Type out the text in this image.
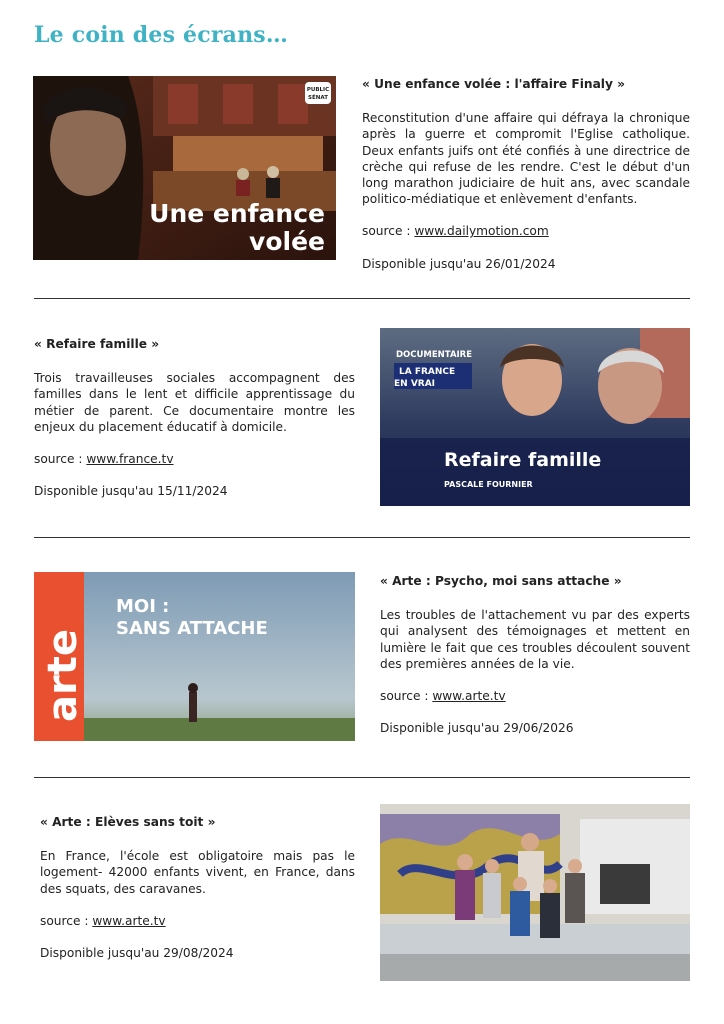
Le coin des écrans…
PUBLIC
SÉNAT
Une enfance
volée
« Une enfance volée : l'affaire Finaly »

Reconstitution d'une affaire qui défraya la chronique après la guerre et compromit l'Eglise catholique. Deux enfants juifs ont été confiés à une directrice de crèche qui refuse de les rendre. C'est le début d'un long marathon judiciaire de huit ans, avec scandale politico-médiatique et enlèvement d'enfants.

source : www.dailymotion.com

Disponible jusqu'au 26/01/2024

« Refaire famille »

Trois travailleuses sociales accompagnent des familles dans le lent et difficile apprentissage du métier de parent. Ce documentaire montre les enjeux du placement éducatif à domicile.

source : www.france.tv

Disponible jusqu'au 15/11/2024

DOCUMENTAIRE
LA FRANCE
EN VRAI
Refaire famille
PASCALE FOURNIER
arte
MOI :
SANS ATTACHE
« Arte : Psycho, moi sans attache »

Les troubles de l'attachement vu par des experts qui analysent des témoignages et mettent en lumière le fait que ces troubles découlent souvent des premières années de la vie.

source : www.arte.tv

Disponible jusqu'au 29/06/2026

« Arte : Elèves sans toit »

En France, l'école est obligatoire mais pas le logement- 42000 enfants vivent, en France, dans des squats, des caravanes.

source : www.arte.tv

Disponible jusqu'au 29/08/2024
